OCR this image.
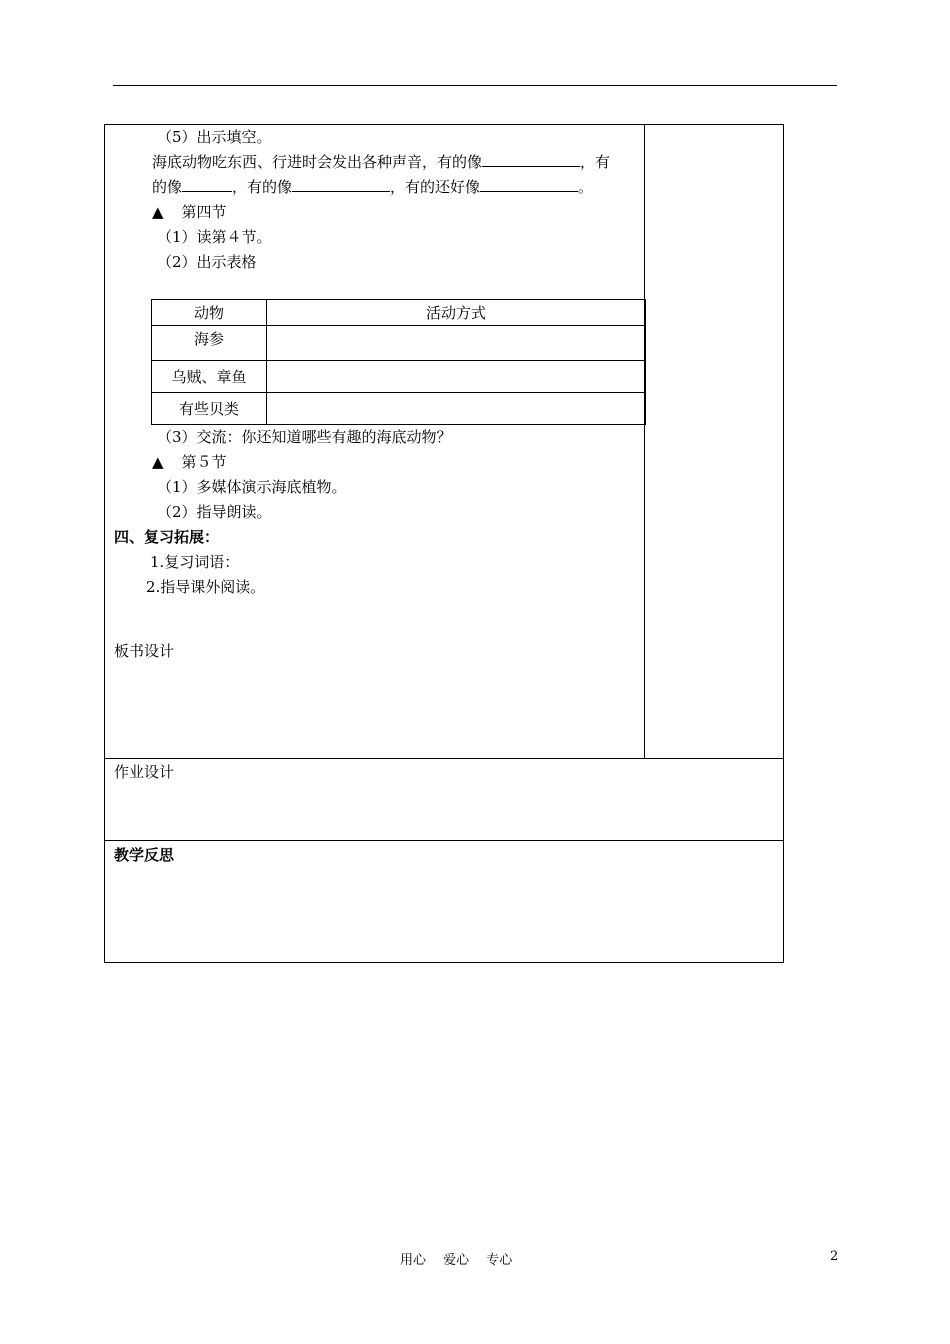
（5）出示填空。
海底动物吃东西、行进时会发出各种声音，有的像	，有
的像	，有的像	，有的还好像	。
▲ 第四节
（1）读第４节。
（2）出示表格
动物	活动方式
海参	
乌贼、章鱼	
有些贝类	
（3）交流：你还知道哪些有趣的海底动物？
▲ 第５节
（1）多媒体演示海底植物。
（2）指导朗读。
四、复习拓展：
1.复习词语：
2.指导课外阅读。
板书设计
作业设计
教学反思
用心　 爱心　 专心	2
